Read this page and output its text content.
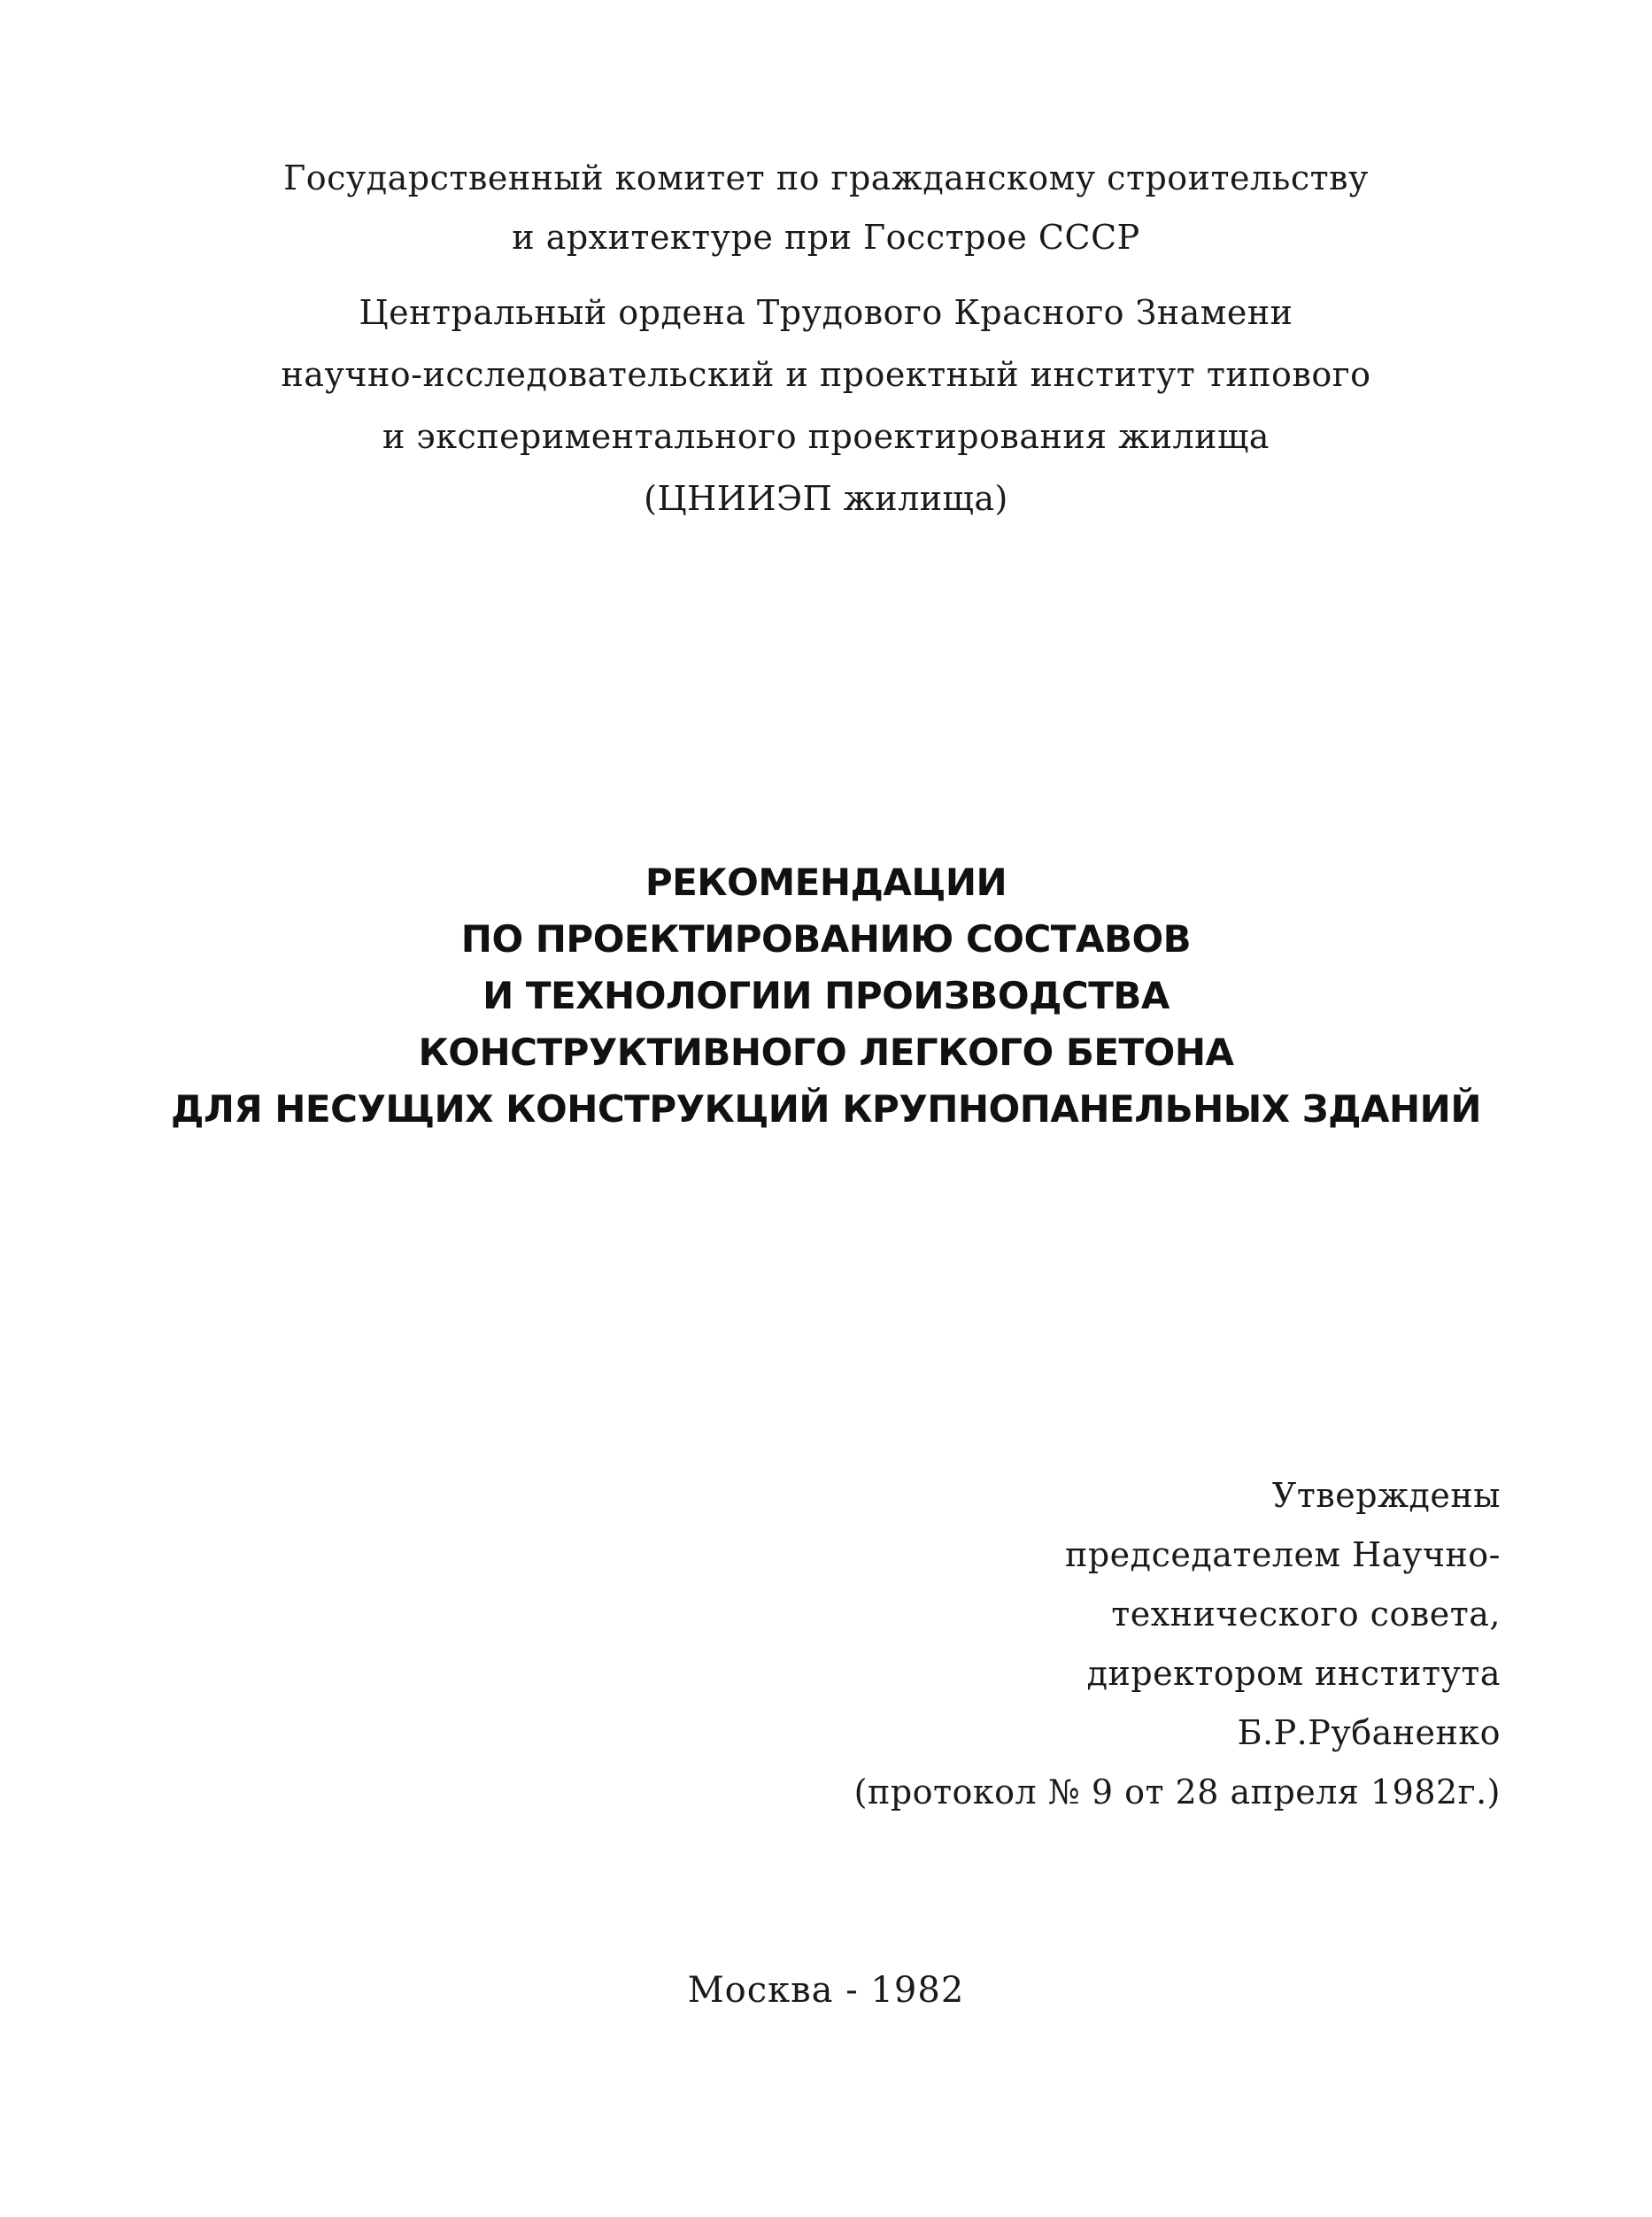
Государственный комитет по гражданскому строительству
и архитектуре при Госстрое СССР
Центральный ордена Трудового Красного Знамени
научно-исследовательский и проектный институт типового
и экспериментального проектирования жилища
(ЦНИИЭП жилища)
РЕКОМЕНДАЦИИ
ПО ПРОЕКТИРОВАНИЮ СОСТАВОВ
И ТЕХНОЛОГИИ ПРОИЗВОДСТВА
КОНСТРУКТИВНОГО ЛЕГКОГО БЕТОНА
ДЛЯ НЕСУЩИХ КОНСТРУКЦИЙ КРУПНОПАНЕЛЬНЫХ ЗДАНИЙ
Утверждены
председателем Научно-
технического совета,
директором института
Б.Р.Рубаненко
(протокол № 9 от 28 апреля 1982г.)
Москва - 1982
